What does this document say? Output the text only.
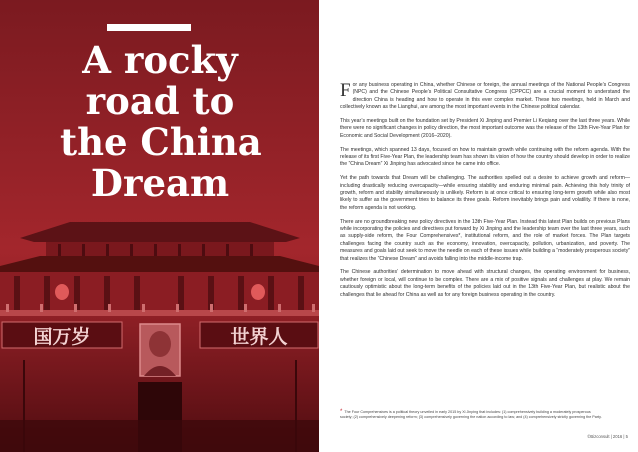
国万岁	世界人
A rocky
road to
the China
Dream

For any business operating in China, whether Chinese or foreign, the annual meetings of the National People’s Congress (NPC) and the Chinese People’s Political Consultative Congress (CPPCC) are a crucial moment to understand the direction China is heading and how to operate in this ever complex market. These two meetings, held in March and collectively known as the Lianghui, are among the most important events in the Chinese political calendar.

This year’s meetings built on the foundation set by President Xi Jinping and Premier Li Keqiang over the last three years. While there were no significant changes in policy direction, the most important outcome was the release of the 13th Five-Year Plan for Economic and Social Development (2016–2020).

The meetings, which spanned 13 days, focused on how to maintain growth while continuing with the reform agenda. With the release of its first Five-Year Plan, the leadership team has shown its vision of how the country should develop in order to realize the “China Dream” Xi Jinping has advocated since he came into office.

Yet the path towards that Dream will be challenging. The authorities spelled out a desire to achieve growth and reform—including drastically reducing overcapacity—while ensuring stability and enduring minimal pain. Achieving this holy trinity of growth, reform and stability simultaneously is unlikely. Reform is at once critical to ensuring long-term growth while also most likely to suffer as the government tries to balance its three goals. Reform inevitably brings pain and volatility. If there is none, the reform agenda is not working.

There are no groundbreaking new policy directives in the 13th Five-Year Plan. Instead this latest Plan builds on previous Plans while incorporating the policies and directives put forward by Xi Jinping and the leadership team over the last three years, such as supply-side reform, the Four Comprehensives*, institutional reform, and the role of market forces. The Plan targets challenges facing the country such as the economy, innovation, overcapacity, pollution, urbanization, and poverty. The measures and goals laid out seek to move the needle on each of these issues while building a “moderately prosperous society” that realizes the “Chinese Dream” and avoids falling into the middle-income trap.

The Chinese authorities’ determination to move ahead with structural changes, the operating environment for business, whether foreign or local, will continue to be complex. There are a mix of positive signals and challenges at play. We remain cautiously optimistic about the long-term benefits of the policies laid out in the 13th Five-Year Plan, but realistic about the challenges that lie ahead for China as well as for any foreign business operating in the country.

* The Four Comprehensives is a political theory unveiled in early 2015 by Xi Jinping that includes: (1) comprehensively building a moderately prosperous society; (2) comprehensively deepening reform; (3) comprehensively governing the nation according to law; and (4) comprehensively strictly governing the Party.
©Bizconsult | 2016 | 5
